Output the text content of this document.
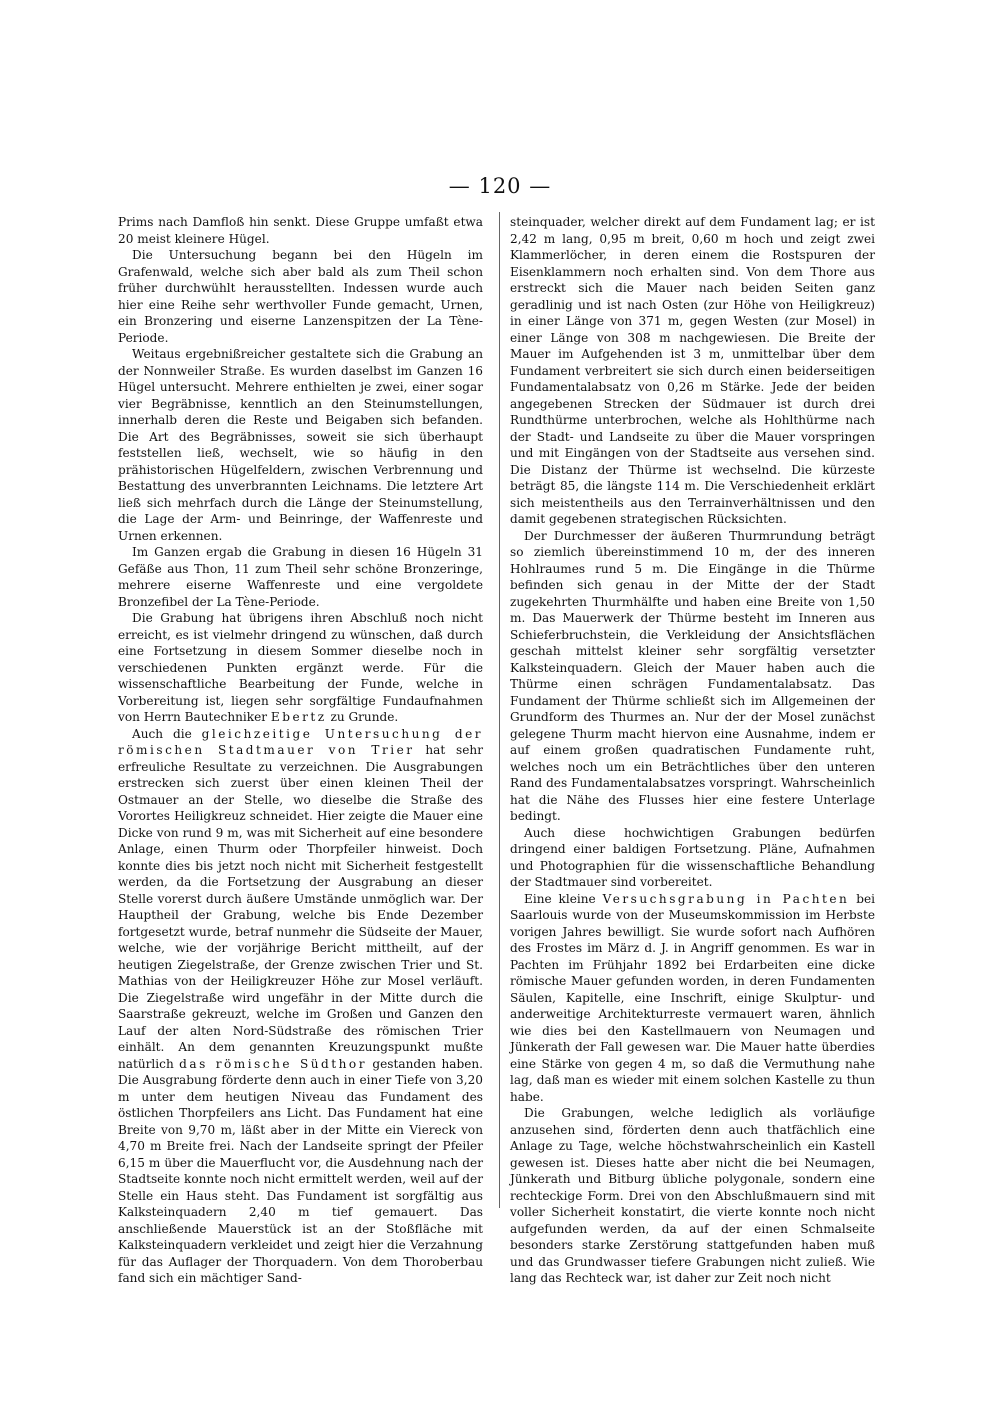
— 120 —

Prims nach Damfloß hin senkt. Diese Gruppe umfaßt etwa 20 meist kleinere Hügel.

Die Untersuchung begann bei den Hügeln im Grafenwald, welche sich aber bald als zum Theil schon früher durchwühlt herausstellten. Indessen wurde auch hier eine Reihe sehr werthvoller Funde gemacht, Urnen, ein Bronzering und eiserne Lanzenspitzen der La Tène-Periode.

Weitaus ergebnißreicher gestaltete sich die Grabung an der Nonnweiler Straße. Es wurden daselbst im Ganzen 16 Hügel untersucht. Mehrere enthielten je zwei, einer sogar vier Begräbnisse, kenntlich an den Steinumstellungen, innerhalb deren die Reste und Beigaben sich befanden. Die Art des Begräbnisses, soweit sie sich überhaupt feststellen ließ, wechselt, wie so häufig in den prähistorischen Hügelfeldern, zwischen Verbrennung und Bestattung des unverbrannten Leichnams. Die letztere Art ließ sich mehrfach durch die Länge der Steinumstellung, die Lage der Arm- und Beinringe, der Waffenreste und Urnen erkennen.

Im Ganzen ergab die Grabung in diesen 16 Hügeln 31 Gefäße aus Thon, 11 zum Theil sehr schöne Bronzeringe, mehrere eiserne Waffenreste und eine vergoldete Bronzefibel der La Tène-Periode.

Die Grabung hat übrigens ihren Abschluß noch nicht erreicht, es ist vielmehr dringend zu wünschen, daß durch eine Fortsetzung in diesem Sommer dieselbe noch in verschiedenen Punkten ergänzt werde. Für die wissenschaftliche Bearbeitung der Funde, welche in Vorbereitung ist, liegen sehr sorgfältige Fundaufnahmen von Herrn Bautechniker Ebertz zu Grunde.

Auch die gleichzeitige Untersuchung der römischen Stadtmauer von Trier hat sehr erfreuliche Resultate zu verzeichnen. Die Ausgrabungen erstrecken sich zuerst über einen kleinen Theil der Ostmauer an der Stelle, wo dieselbe die Straße des Vorortes Heiligkreuz schneidet. Hier zeigte die Mauer eine Dicke von rund 9 m, was mit Sicherheit auf eine besondere Anlage, einen Thurm oder Thorpfeiler hinweist. Doch konnte dies bis jetzt noch nicht mit Sicherheit festgestellt werden, da die Fortsetzung der Ausgrabung an dieser Stelle vorerst durch äußere Umstände unmöglich war. Der Hauptheil der Grabung, welche bis Ende Dezember fortgesetzt wurde, betraf nunmehr die Südseite der Mauer, welche, wie der vorjährige Bericht mittheilt, auf der heutigen Ziegelstraße, der Grenze zwischen Trier und St. Mathias von der Heiligkreuzer Höhe zur Mosel verläuft. Die Ziegelstraße wird ungefähr in der Mitte durch die Saarstraße gekreuzt, welche im Großen und Ganzen den Lauf der alten Nord-Südstraße des römischen Trier einhält. An dem genannten Kreuzungspunkt mußte natürlich das römische Südthor gestanden haben. Die Ausgrabung förderte denn auch in einer Tiefe von 3,20 m unter dem heutigen Niveau das Fundament des östlichen Thorpfeilers ans Licht. Das Fundament hat eine Breite von 9,70 m, läßt aber in der Mitte ein Viereck von 4,70 m Breite frei. Nach der Landseite springt der Pfeiler 6,15 m über die Mauerflucht vor, die Ausdehnung nach der Stadtseite konnte noch nicht ermittelt werden, weil auf der Stelle ein Haus steht. Das Fundament ist sorgfältig aus Kalksteinquadern 2,40 m tief gemauert. Das anschließende Mauerstück ist an der Stoßfläche mit Kalksteinquadern verkleidet und zeigt hier die Verzahnung für das Auflager der Thorquadern. Von dem Thoroberbau fand sich ein mächtiger Sand-

steinquader, welcher direkt auf dem Fundament lag; er ist 2,42 m lang, 0,95 m breit, 0,60 m hoch und zeigt zwei Klammerlöcher, in deren einem die Rostspuren der Eisenklammern noch erhalten sind. Von dem Thore aus erstreckt sich die Mauer nach beiden Seiten ganz geradlinig und ist nach Osten (zur Höhe von Heiligkreuz) in einer Länge von 371 m, gegen Westen (zur Mosel) in einer Länge von 308 m nachgewiesen. Die Breite der Mauer im Aufgehenden ist 3 m, unmittelbar über dem Fundament verbreitert sie sich durch einen beiderseitigen Fundamentalabsatz von 0,26 m Stärke. Jede der beiden angegebenen Strecken der Südmauer ist durch drei Rundthürme unterbrochen, welche als Hohlthürme nach der Stadt- und Landseite zu über die Mauer vorspringen und mit Eingängen von der Stadtseite aus versehen sind. Die Distanz der Thürme ist wechselnd. Die kürzeste beträgt 85, die längste 114 m. Die Verschiedenheit erklärt sich meistentheils aus den Terrainverhältnissen und den damit gegebenen strategischen Rücksichten.

Der Durchmesser der äußeren Thurmrundung beträgt so ziemlich übereinstimmend 10 m, der des inneren Hohlraumes rund 5 m. Die Eingänge in die Thürme befinden sich genau in der Mitte der der Stadt zugekehrten Thurmhälfte und haben eine Breite von 1,50 m. Das Mauerwerk der Thürme besteht im Inneren aus Schieferbruchstein, die Verkleidung der Ansichtsflächen geschah mittelst kleiner sehr sorgfältig versetzter Kalksteinquadern. Gleich der Mauer haben auch die Thürme einen schrägen Fundamentalabsatz. Das Fundament der Thürme schließt sich im Allgemeinen der Grundform des Thurmes an. Nur der der Mosel zunächst gelegene Thurm macht hiervon eine Ausnahme, indem er auf einem großen quadratischen Fundamente ruht, welches noch um ein Beträchtliches über den unteren Rand des Fundamentalabsatzes vorspringt. Wahrscheinlich hat die Nähe des Flusses hier eine festere Unterlage bedingt.

Auch diese hochwichtigen Grabungen bedürfen dringend einer baldigen Fortsetzung. Pläne, Aufnahmen und Photographien für die wissenschaftliche Behandlung der Stadtmauer sind vorbereitet.

Eine kleine Versuchsgrabung in Pachten bei Saarlouis wurde von der Museumskommission im Herbste vorigen Jahres bewilligt. Sie wurde sofort nach Aufhören des Frostes im März d. J. in Angriff genommen. Es war in Pachten im Frühjahr 1892 bei Erdarbeiten eine dicke römische Mauer gefunden worden, in deren Fundamenten Säulen, Kapitelle, eine Inschrift, einige Skulptur- und anderweitige Architekturreste vermauert waren, ähnlich wie dies bei den Kastellmauern von Neumagen und Jünkerath der Fall gewesen war. Die Mauer hatte überdies eine Stärke von gegen 4 m, so daß die Vermuthung nahe lag, daß man es wieder mit einem solchen Kastelle zu thun habe.

Die Grabungen, welche lediglich als vorläufige anzusehen sind, förderten denn auch thatfächlich eine Anlage zu Tage, welche höchstwahrscheinlich ein Kastell gewesen ist. Dieses hatte aber nicht die bei Neumagen, Jünkerath und Bitburg übliche polygonale, sondern eine rechteckige Form. Drei von den Abschlußmauern sind mit voller Sicherheit konstatirt, die vierte konnte noch nicht aufgefunden werden, da auf der einen Schmalseite besonders starke Zerstörung stattgefunden haben muß und das Grundwasser tiefere Grabungen nicht zuließ. Wie lang das Rechteck war, ist daher zur Zeit noch nicht
